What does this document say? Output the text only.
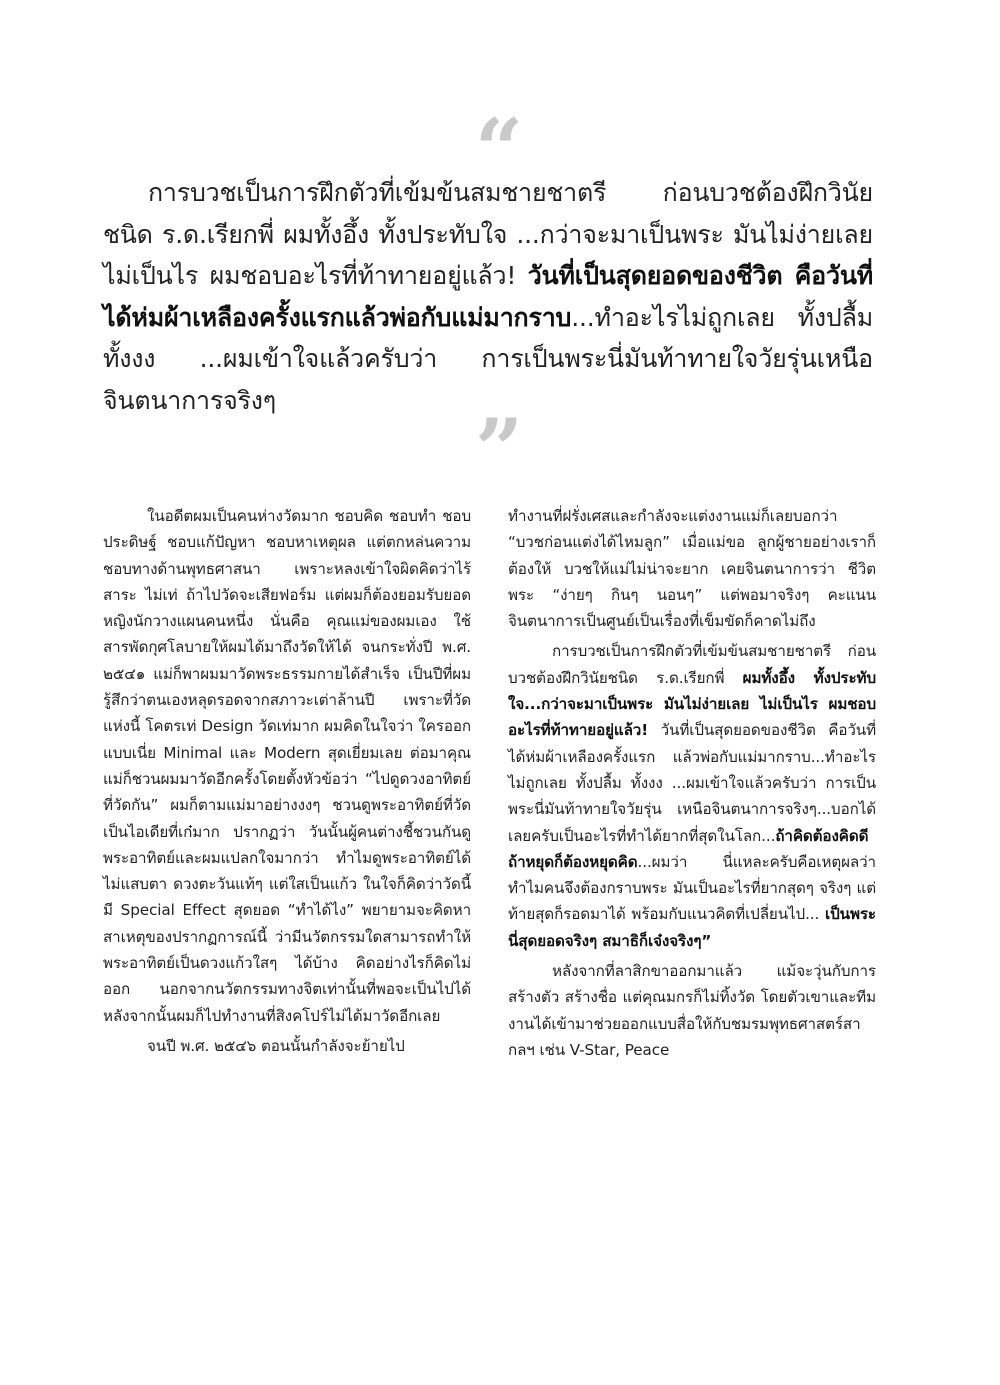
“
การบวชเป็นการฝึกตัวที่เข้มข้นสมชายชาตรี ก่อนบวชต้องฝึกวินัยชนิด ร.ด.เรียกพี่ ผมทั้งอึ้ง ทั้งประทับใจ ...กว่าจะมาเป็นพระ มันไม่ง่ายเลย ไม่เป็นไร ผมชอบอะไรที่ท้าทายอยู่แล้ว! วันที่เป็นสุดยอดของชีวิต คือวันที่ได้ห่มผ้าเหลืองครั้งแรกแล้วพ่อกับแม่มากราบ...ทำอะไรไม่ถูกเลย ทั้งปลื้ม ทั้งงง ...ผมเข้าใจแล้วครับว่า การเป็นพระนี่มันท้าทายใจวัยรุ่นเหนือจินตนาการจริงๆ	”

ในอดีตผมเป็นคนห่างวัดมาก ชอบคิด ชอบทำ ชอบประดิษฐ์ ชอบแก้ปัญหา ชอบหาเหตุผล แต่ตกหล่นความชอบทางด้านพุทธศาสนา เพราะหลงเข้าใจผิดคิดว่าไร้สาระ ไม่เท่ ถ้าไปวัดจะเสียฟอร์ม แต่ผมก็ต้องยอมรับยอดหญิงนักวางแผนคนหนึ่ง นั่นคือ คุณแม่ของผมเอง ใช้สารพัดกุศโลบายให้ผมได้มาถึงวัดให้ได้ จนกระทั่งปี พ.ศ. ๒๕๔๑ แม่ก็พาผมมาวัดพระธรรมกายได้สำเร็จ เป็นปีที่ผมรู้สึกว่าตนเองหลุดรอดจากสภาวะเต่าล้านปี เพราะที่วัดแห่งนี้ โคตรเท่ Design วัดเท่มาก ผมคิดในใจว่า ใครออกแบบเนี่ย Minimal และ Modern สุดเยี่ยมเลย ต่อมาคุณแม่ก็ชวนผมมาวัดอีกครั้งโดยตั้งหัวข้อว่า “ไปดูดวงอาทิตย์ที่วัดกัน” ผมก็ตามแม่มาอย่างงงๆ ชวนดูพระอาทิตย์ที่วัด เป็นไอเดียที่เก๋มาก ปรากฏว่า วันนั้นผู้คนต่างชี้ชวนกันดูพระอาทิตย์และผมแปลกใจมากว่า ทำไมดูพระอาทิตย์ได้ไม่แสบตา ดวงตะวันแท้ๆ แต่ใสเป็นแก้ว ในใจก็คิดว่าวัดนี้มี Special Effect สุดยอด “ทำได้ไง” พยายามจะคิดหาสาเหตุของปรากฏการณ์นี้ ว่ามีนวัตกรรมใดสามารถทำให้พระอาทิตย์เป็นดวงแก้วใสๆ ได้บ้าง คิดอย่างไรก็คิดไม่ออก นอกจากนวัตกรรมทางจิตเท่านั้นที่พอจะเป็นไปได้ หลังจากนั้นผมก็ไปทำงานที่สิงคโปร์ไม่ได้มาวัดอีกเลย

จนปี พ.ศ. ๒๕๔๖ ตอนนั้นกำลังจะย้ายไป

ทำงานที่ฝรั่งเศสและกำลังจะแต่งงานแม่ก็เลยบอกว่า “บวชก่อนแต่งได้ไหมลูก” เมื่อแม่ขอ ลูกผู้ชายอย่างเราก็ต้องให้ บวชให้แม่ไม่น่าจะยาก เคยจินตนาการว่า ชีวิตพระ “ง่ายๆ กินๆ นอนๆ” แต่พอมาจริงๆ คะแนนจินตนาการเป็นศูนย์เป็นเรื่องที่เข็มขัดก็คาดไม่ถึง

การบวชเป็นการฝึกตัวที่เข้มข้นสมชายชาตรี ก่อนบวชต้องฝึกวินัยชนิด ร.ด.เรียกพี่ ผมทั้งอึ้ง ทั้งประทับใจ...กว่าจะมาเป็นพระ มันไม่ง่ายเลย ไม่เป็นไร ผมชอบอะไรที่ท้าทายอยู่แล้ว! วันที่เป็นสุดยอดของชีวิต คือวันที่ได้ห่มผ้าเหลืองครั้งแรก แล้วพ่อกับแม่มากราบ...ทำอะไรไม่ถูกเลย ทั้งปลื้ม ทั้งงง ...ผมเข้าใจแล้วครับว่า การเป็นพระนี่มันท้าทายใจวัยรุ่น เหนือจินตนาการจริงๆ...บอกได้เลยครับเป็นอะไรที่ทำได้ยากที่สุดในโลก...ถ้าคิดต้องคิดดี ถ้าหยุดก็ต้องหยุดคิด...ผมว่า นี่แหละครับคือเหตุผลว่า ทำไมคนจึงต้องกราบพระ มันเป็นอะไรที่ยากสุดๆ จริงๆ แต่ท้ายสุดก็รอดมาได้ พร้อมกับแนวคิดที่เปลี่ยนไป... เป็นพระนี่สุดยอดจริงๆ สมาธิก็เจ๋งจริงๆ”

หลังจากที่ลาสิกขาออกมาแล้ว แม้จะวุ่นกับการสร้างตัว สร้างชื่อ แต่คุณมกรก็ไม่ทิ้งวัด โดยตัวเขาและทีมงานได้เข้ามาช่วยออกแบบสื่อให้กับชมรมพุทธศาสตร์สากลฯ เช่น V-Star, Peace
